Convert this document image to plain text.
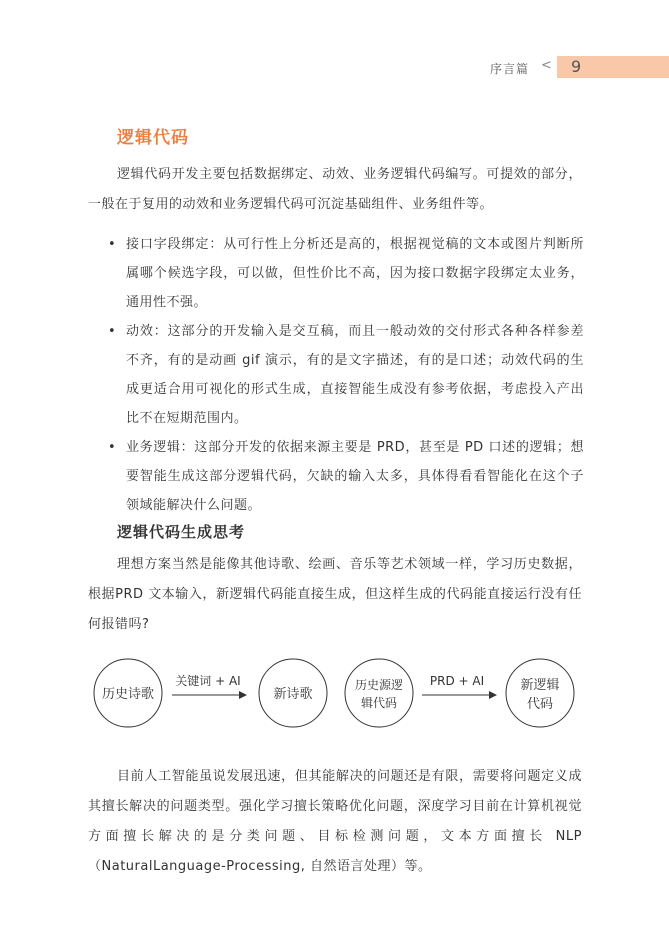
序言篇 < 9
逻辑代码

逻辑代码开发主要包括数据绑定、动效、业务逻辑代码编写。可提效的部分，一般在于复用的动效和业务逻辑代码可沉淀基础组件、业务组件等。

• 接口字段绑定：从可行性上分析还是高的，根据视觉稿的文本或图片判断所属哪个候选字段，可以做，但性价比不高，因为接口数据字段绑定太业务，通用性不强。
• 动效：这部分的开发输入是交互稿，而且一般动效的交付形式各种各样参差不齐，有的是动画 gif 演示，有的是文字描述，有的是口述；动效代码的生成更适合用可视化的形式生成，直接智能生成没有参考依据，考虑投入产出比不在短期范围内。
• 业务逻辑：这部分开发的依据来源主要是 PRD，甚至是 PD 口述的逻辑；想要智能生成这部分逻辑代码，欠缺的输入太多，具体得看看智能化在这个子领域能解决什么问题。
逻辑代码生成思考

理想方案当然是能像其他诗歌、绘画、音乐等艺术领域一样，学习历史数据，根据PRD 文本输入，新逻辑代码能直接生成，但这样生成的代码能直接运行没有任何报错吗?

历史诗歌
关键词 + AI
新诗歌
历史源逻
辑代码
PRD + AI	新逻辑
代码

目前人工智能虽说发展迅速，但其能解决的问题还是有限，需要将问题定义成其擅长解决的问题类型。强化学习擅长策略优化问题，深度学习目前在计算机视觉方面擅长解决的是分类问题、目标检测问题，文本方面擅长 NLP（NaturalLanguage-Processing, 自然语言处理）等。
